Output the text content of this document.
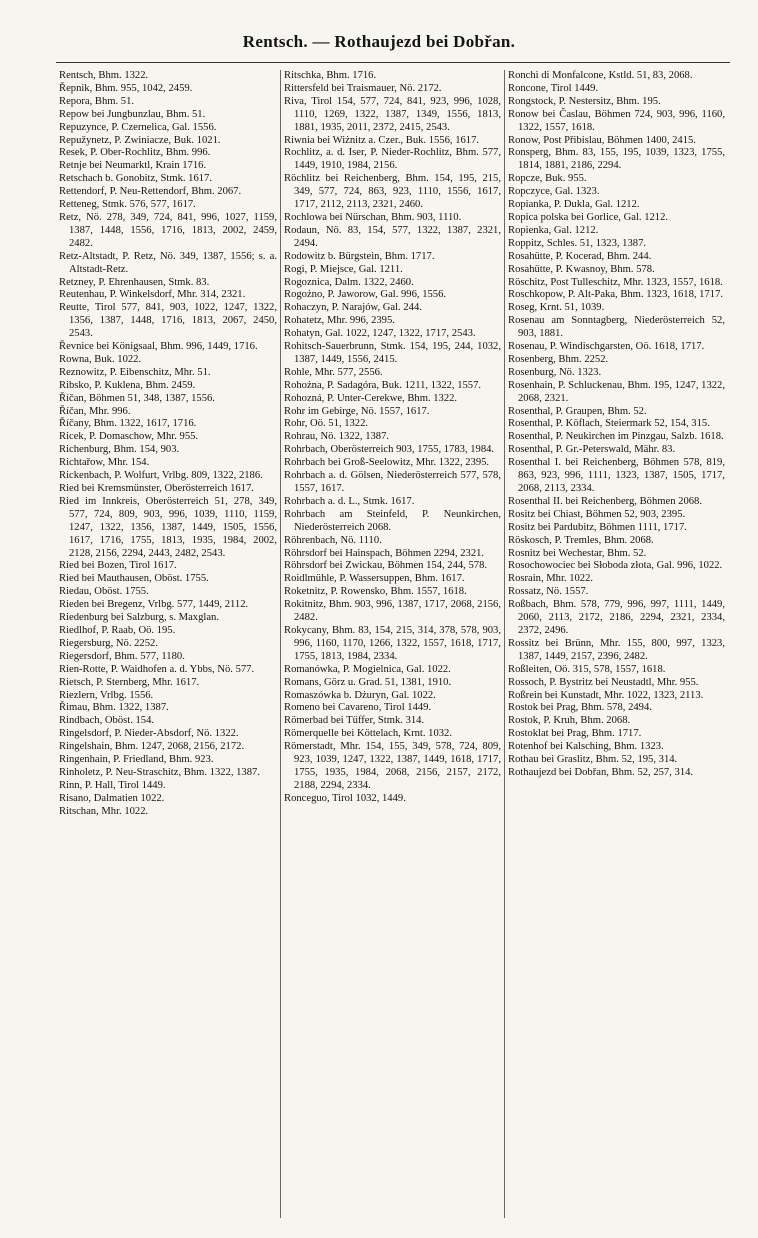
Rentsch. — Rothaujezd bei Dobřan.

Rentsch, Bhm. 1322.

Řepnik, Bhm. 955, 1042, 2459.

Repora, Bhm. 51.

Repow bei Jungbunzlau, Bhm. 51.

Repuzynce, P. Czernelica, Gal. 1556.

Repužynetz, P. Zwiniacze, Buk. 1021.

Resek, P. Ober-Rochlitz, Bhm. 996.

Retnje bei Neumarktl, Krain 1716.

Retschach b. Gonobitz, Stmk. 1617.

Rettendorf, P. Neu-Rettendorf, Bhm. 2067.

Retteneg, Stmk. 576, 577, 1617.

Retz, Nö. 278, 349, 724, 841, 996, 1027, 1159, 1387, 1448, 1556, 1716, 1813, 2002, 2459, 2482.

Retz-Altstadt, P. Retz, Nö. 349, 1387, 1556; s. a. Altstadt-Retz.

Retzney, P. Ehrenhausen, Stmk. 83.

Reutenhau, P. Winkelsdorf, Mhr. 314, 2321.

Reutte, Tirol 577, 841, 903, 1022, 1247, 1322, 1356, 1387, 1448, 1716, 1813, 2067, 2450, 2543.

Řevnice bei Königsaal, Bhm. 996, 1449, 1716.

Rowna, Buk. 1022.

Reznowitz, P. Eibenschitz, Mhr. 51.

Ribsko, P. Kuklena, Bhm. 2459.

Říčan, Böhmen 51, 348, 1387, 1556.

Říčan, Mhr. 996.

Říčany, Bhm. 1322, 1617, 1716.

Ricek, P. Domaschow, Mhr. 955.

Richenburg, Bhm. 154, 903.

Richtařow, Mhr. 154.

Rickenbach, P. Wolfurt, Vrlbg. 809, 1322, 2186.

Ried bei Kremsmünster, Oberösterreich 1617.

Ried im Innkreis, Oberösterreich 51, 278, 349, 577, 724, 809, 903, 996, 1039, 1110, 1159, 1247, 1322, 1356, 1387, 1449, 1505, 1556, 1617, 1716, 1755, 1813, 1935, 1984, 2002, 2128, 2156, 2294, 2443, 2482, 2543.

Ried bei Bozen, Tirol 1617.

Ried bei Mauthausen, Oböst. 1755.

Riedau, Oböst. 1755.

Rieden bei Bregenz, Vrlbg. 577, 1449, 2112.

Riedenburg bei Salzburg, s. Maxglan.

Riedlhof, P. Raab, Oö. 195.

Riegersburg, Nö. 2252.

Riegersdorf, Bhm. 577, 1180.

Rien-Rotte, P. Waidhofen a. d. Ybbs, Nö. 577.

Rietsch, P. Sternberg, Mhr. 1617.

Riezlern, Vrlbg. 1556.

Řimau, Bhm. 1322, 1387.

Rindbach, Oböst. 154.

Ringelsdorf, P. Nieder-Absdorf, Nö. 1322.

Ringelshain, Bhm. 1247, 2068, 2156, 2172.

Ringenhain, P. Friedland, Bhm. 923.

Rinholetz, P. Neu-Straschitz, Bhm. 1322, 1387.

Rinn, P. Hall, Tirol 1449.

Risano, Dalmatien 1022.

Ritschan, Mhr. 1022.

Ritschka, Bhm. 1716.

Rittersfeld bei Traismauer, Nö. 2172.

Riva, Tirol 154, 577, 724, 841, 923, 996, 1028, 1110, 1269, 1322, 1387, 1349, 1556, 1813, 1881, 1935, 2011, 2372, 2415, 2543.

Riwnia bei Wiżnitz a. Czer., Buk. 1556, 1617.

Rochlitz, a. d. Iser, P. Nieder-Rochlitz, Bhm. 577, 1449, 1910, 1984, 2156.

Röchlitz bei Reichenberg, Bhm. 154, 195, 215, 349, 577, 724, 863, 923, 1110, 1556, 1617, 1717, 2112, 2113, 2321, 2460.

Rochlowa bei Nürschan, Bhm. 903, 1110.

Rodaun, Nö. 83, 154, 577, 1322, 1387, 2321, 2494.

Rodowitz b. Bürgstein, Bhm. 1717.

Rogi, P. Miejsce, Gal. 1211.

Rogoznica, Dalm. 1322, 2460.

Rogożno, P. Jaworow, Gal. 996, 1556.

Rohaczyn, P. Narajów, Gal. 244.

Rohatetz, Mhr. 996, 2395.

Rohatyn, Gal. 1022, 1247, 1322, 1717, 2543.

Rohitsch-Sauerbrunn, Stmk. 154, 195, 244, 1032, 1387, 1449, 1556, 2415.

Rohle, Mhr. 577, 2556.

Rohożna, P. Sadagóra, Buk. 1211, 1322, 1557.

Rohozná, P. Unter-Cerekwe, Bhm. 1322.

Rohr im Gebirge, Nö. 1557, 1617.

Rohr, Oö. 51, 1322.

Rohrau, Nö. 1322, 1387.

Rohrbach, Oberösterreich 903, 1755, 1783, 1984.

Rohrbach bei Groß-Seelowitz, Mhr. 1322, 2395.

Rohrbach a. d. Gölsen, Niederösterreich 577, 578, 1557, 1617.

Rohrbach a. d. L., Stmk. 1617.

Rohrbach am Steinfeld, P. Neunkirchen, Niederösterreich 2068.

Röhrenbach, Nö. 1110.

Röhrsdorf bei Hainspach, Böhmen 2294, 2321.

Röhrsdorf bei Zwickau, Böhmen 154, 244, 578.

Roidlmühle, P. Wassersuppen, Bhm. 1617.

Roketnitz, P. Rowensko, Bhm. 1557, 1618.

Rokitnitz, Bhm. 903, 996, 1387, 1717, 2068, 2156, 2482.

Rokycany, Bhm. 83, 154, 215, 314, 378, 578, 903, 996, 1160, 1170, 1266, 1322, 1557, 1618, 1717, 1755, 1813, 1984, 2334.

Romanówka, P. Mogielnica, Gal. 1022.

Romans, Görz u. Grad. 51, 1381, 1910.

Romaszówka b. Dżuryn, Gal. 1022.

Romeno bei Cavareno, Tirol 1449.

Römerbad bei Tüffer, Stmk. 314.

Römerquelle bei Köttelach, Krnt. 1032.

Römerstadt, Mhr. 154, 155, 349, 578, 724, 809, 923, 1039, 1247, 1322, 1387, 1449, 1618, 1717, 1755, 1935, 1984, 2068, 2156, 2157, 2172, 2188, 2294, 2334.

Ronceguo, Tirol 1032, 1449.

Ronchi di Monfalcone, Kstld. 51, 83, 2068.

Roncone, Tirol 1449.

Rongstock, P. Nestersitz, Bhm. 195.

Ronow bei Časlau, Böhmen 724, 903, 996, 1160, 1322, 1557, 1618.

Ronow, Post Přibislau, Böhmen 1400, 2415.

Ronsperg, Bhm. 83, 155, 195, 1039, 1323, 1755, 1814, 1881, 2186, 2294.

Ropcze, Buk. 955.

Ropczyce, Gal. 1323.

Ropianka, P. Dukla, Gal. 1212.

Ropica polska bei Gorlice, Gal. 1212.

Ropienka, Gal. 1212.

Roppitz, Schles. 51, 1323, 1387.

Rosahütte, P. Kocerad, Bhm. 244.

Rosahütte, P. Kwasnoy, Bhm. 578.

Röschitz, Post Tulleschitz, Mhr. 1323, 1557, 1618.

Roschkopow, P. Alt-Paka, Bhm. 1323, 1618, 1717.

Roseg, Krnt. 51, 1039.

Rosenau am Sonntagberg, Niederösterreich 52, 903, 1881.

Rosenau, P. Windischgarsten, Oö. 1618, 1717.

Rosenberg, Bhm. 2252.

Rosenburg, Nö. 1323.

Rosenhain, P. Schluckenau, Bhm. 195, 1247, 1322, 2068, 2321.

Rosenthal, P. Graupen, Bhm. 52.

Rosenthal, P. Köflach, Steiermark 52, 154, 315.

Rosenthal, P. Neukirchen im Pinzgau, Salzb. 1618.

Rosenthal, P. Gr.-Peterswald, Mähr. 83.

Rosenthal I. bei Reichenberg, Böhmen 578, 819, 863, 923, 996, 1111, 1323, 1387, 1505, 1717, 2068, 2113, 2334.

Rosenthal II. bei Reichenberg, Böhmen 2068.

Rositz bei Chiast, Böhmen 52, 903, 2395.

Rositz bei Pardubitz, Böhmen 1111, 1717.

Röskosch, P. Tremles, Bhm. 2068.

Rosnitz bei Wechestar, Bhm. 52.

Rosochowociec bei Słoboda złota, Gal. 996, 1022.

Rosrain, Mhr. 1022.

Rossatz, Nö. 1557.

Roßbach, Bhm. 578, 779, 996, 997, 1111, 1449, 2060, 2113, 2172, 2186, 2294, 2321, 2334, 2372, 2496.

Rossitz bei Brünn, Mhr. 155, 800, 997, 1323, 1387, 1449, 2157, 2396, 2482.

Roßleiten, Oö. 315, 578, 1557, 1618.

Rossoch, P. Bystritz bei Neustadtl, Mhr. 955.

Roßrein bei Kunstadt, Mhr. 1022, 1323, 2113.

Rostok bei Prag, Bhm. 578, 2494.

Rostok, P. Kruh, Bhm. 2068.

Rostoklat bei Prag, Bhm. 1717.

Rotenhof bei Kalsching, Bhm. 1323.

Rothau bei Graslitz, Bhm. 52, 195, 314.

Rothaujezd bei Dobřan, Bhm. 52, 257, 314.
